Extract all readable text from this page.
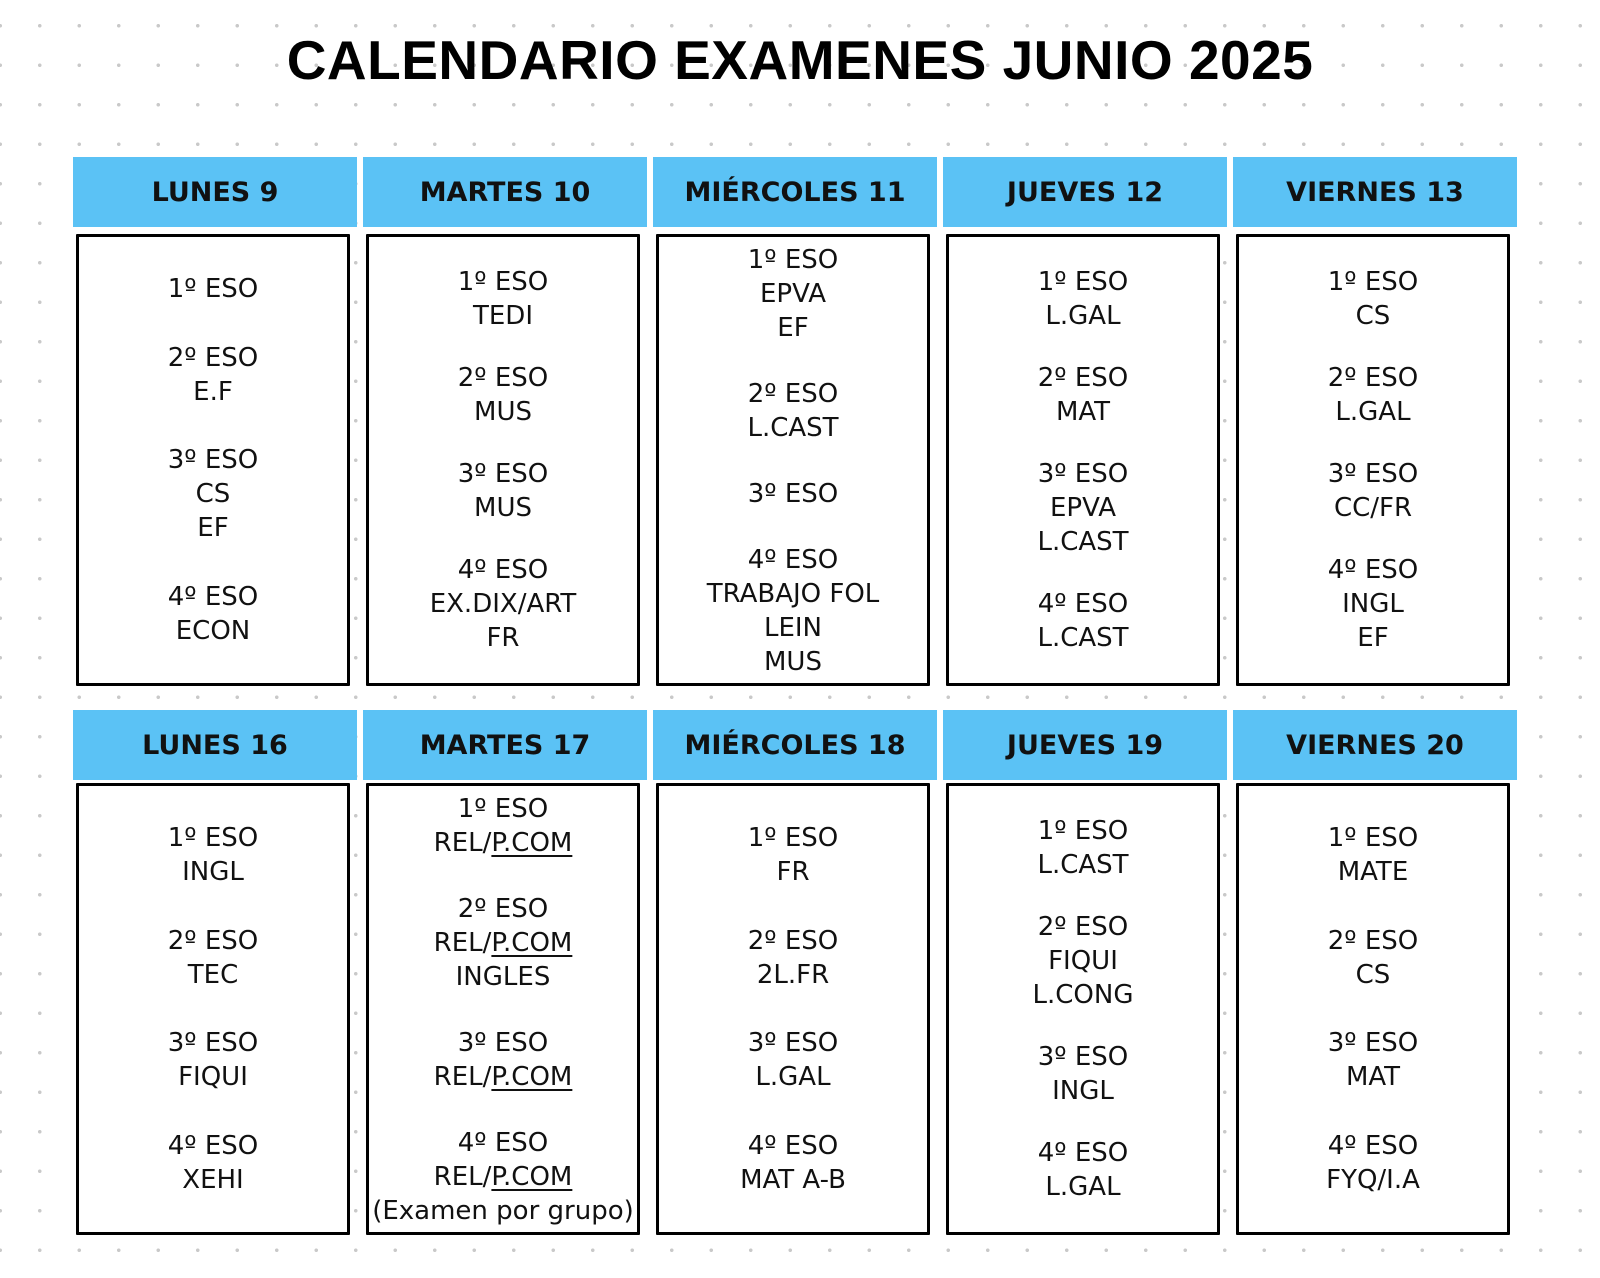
CALENDARIO EXAMENES JUNIO 2025
LUNES 9
1º ESO
2º ESO
E.F
3º ESO
CS
EF
4º ESO
ECON
MARTES 10
1º ESO
TEDI
2º ESO
MUS
3º ESO
MUS
4º ESO
EX.DIX/ART
FR
MIÉRCOLES 11
1º ESO
EPVA
EF
2º ESO
L.CAST
3º ESO
4º ESO
TRABAJO FOL
LEIN
MUS
JUEVES 12
1º ESO
L.GAL
2º ESO
MAT
3º ESO
EPVA
L.CAST
4º ESO
L.CAST
VIERNES 13
1º ESO
CS
2º ESO
L.GAL
3º ESO
CC/FR
4º ESO
INGL
EF
LUNES 16
1º ESO
INGL
2º ESO
TEC
3º ESO
FIQUI
4º ESO
XEHI
MARTES 17
1º ESO
REL/P.COM
2º ESO
REL/P.COM
INGLES
3º ESO
REL/P.COM
4º ESO
REL/P.COM
(Examen por grupo)
MIÉRCOLES 18
1º ESO
FR
2º ESO
2L.FR
3º ESO
L.GAL
4º ESO
MAT A-B
JUEVES 19
1º ESO
L.CAST
2º ESO
FIQUI
L.CONG
3º ESO
INGL
4º ESO
L.GAL
VIERNES 20
1º ESO
MATE
2º ESO
CS
3º ESO
MAT
4º ESO
FYQ/I.A
